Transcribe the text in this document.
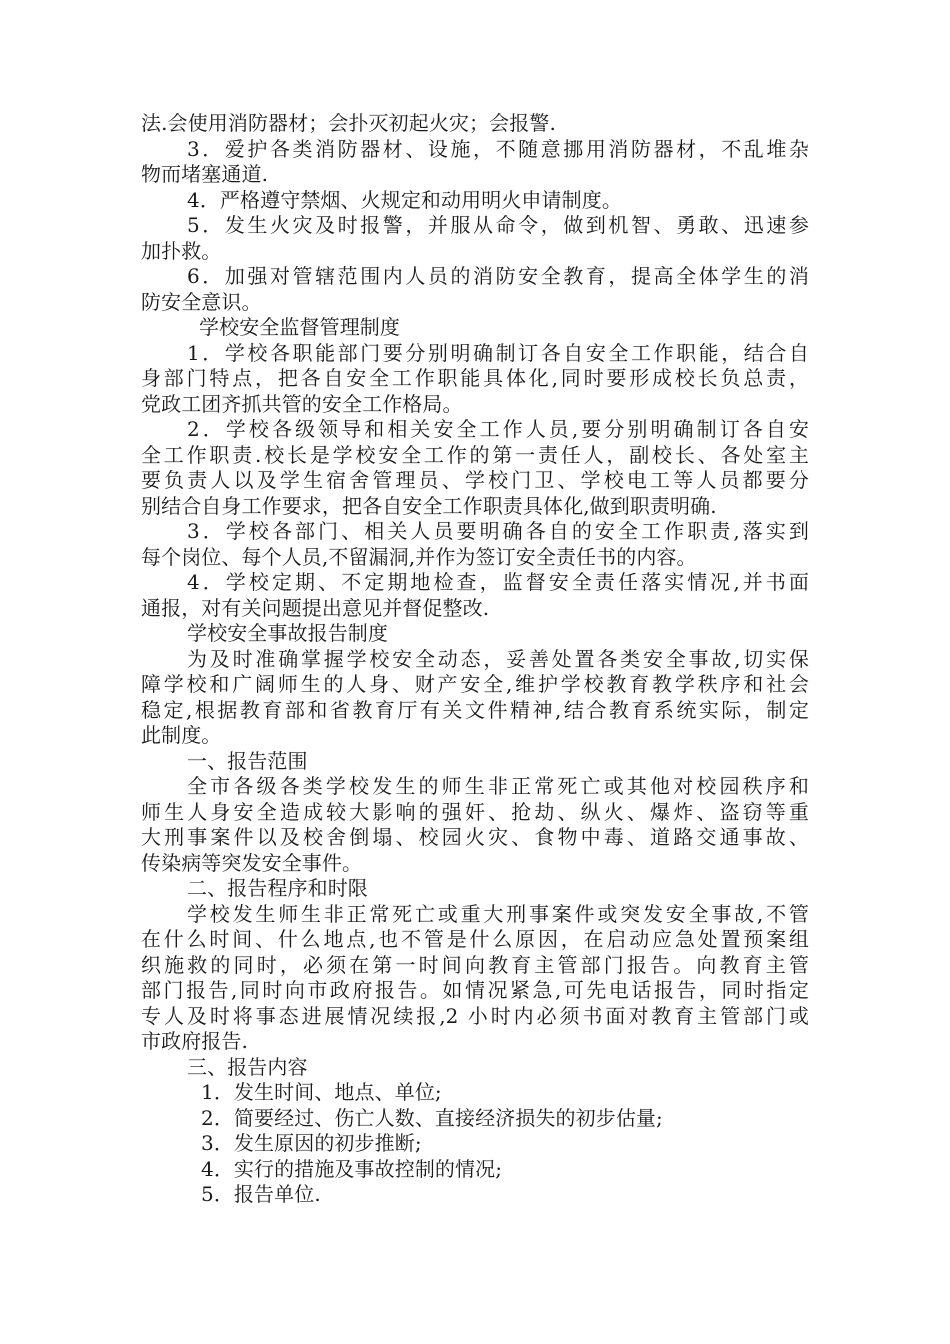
法.会使用消防器材；会扑灭初起火灾；会报警.
3．爱护各类消防器材、设施，不随意挪用消防器材，不乱堆杂
物而堵塞通道.
4．严格遵守禁烟、火规定和动用明火申请制度。
5．发生火灾及时报警，并服从命令，做到机智、勇敢、迅速参
加扑救。
6．加强对管辖范围内人员的消防安全教育，提高全体学生的消
防安全意识。
学校安全监督管理制度
1．学校各职能部门要分别明确制订各自安全工作职能，结合自
身部门特点，把各自安全工作职能具体化,同时要形成校长负总责，
党政工团齐抓共管的安全工作格局。
2．学校各级领导和相关安全工作人员,要分别明确制订各自安
全工作职责.校长是学校安全工作的第一责任人，副校长、各处室主
要负责人以及学生宿舍管理员、学校门卫、学校电工等人员都要分
别结合自身工作要求，把各自安全工作职责具体化,做到职责明确.
3．学校各部门、相关人员要明确各自的安全工作职责,落实到
每个岗位、每个人员,不留漏洞,并作为签订安全责任书的内容。
4．学校定期、不定期地检查，监督安全责任落实情况,并书面
通报，对有关问题提出意见并督促整改.
学校安全事故报告制度
为及时准确掌握学校安全动态，妥善处置各类安全事故,切实保
障学校和广阔师生的人身、财产安全,维护学校教育教学秩序和社会
稳定,根据教育部和省教育厅有关文件精神,结合教育系统实际，制定
此制度。
一、报告范围
全市各级各类学校发生的师生非正常死亡或其他对校园秩序和
师生人身安全造成较大影响的强奸、抢劫、纵火、爆炸、盗窃等重
大刑事案件以及校舍倒塌、校园火灾、食物中毒、道路交通事故、
传染病等突发安全事件。
二、报告程序和时限
学校发生师生非正常死亡或重大刑事案件或突发安全事故,不管
在什么时间、什么地点,也不管是什么原因，在启动应急处置预案组
织施救的同时，必须在第一时间向教育主管部门报告。向教育主管
部门报告,同时向市政府报告。如情况紧急,可先电话报告，同时指定
专人及时将事态进展情况续报,2 小时内必须书面对教育主管部门或
市政府报告.
三、报告内容
1．发生时间、地点、单位;
2．简要经过、伤亡人数、直接经济损失的初步估量;
3．发生原因的初步推断;
4．实行的措施及事故控制的情况;
5．报告单位.
